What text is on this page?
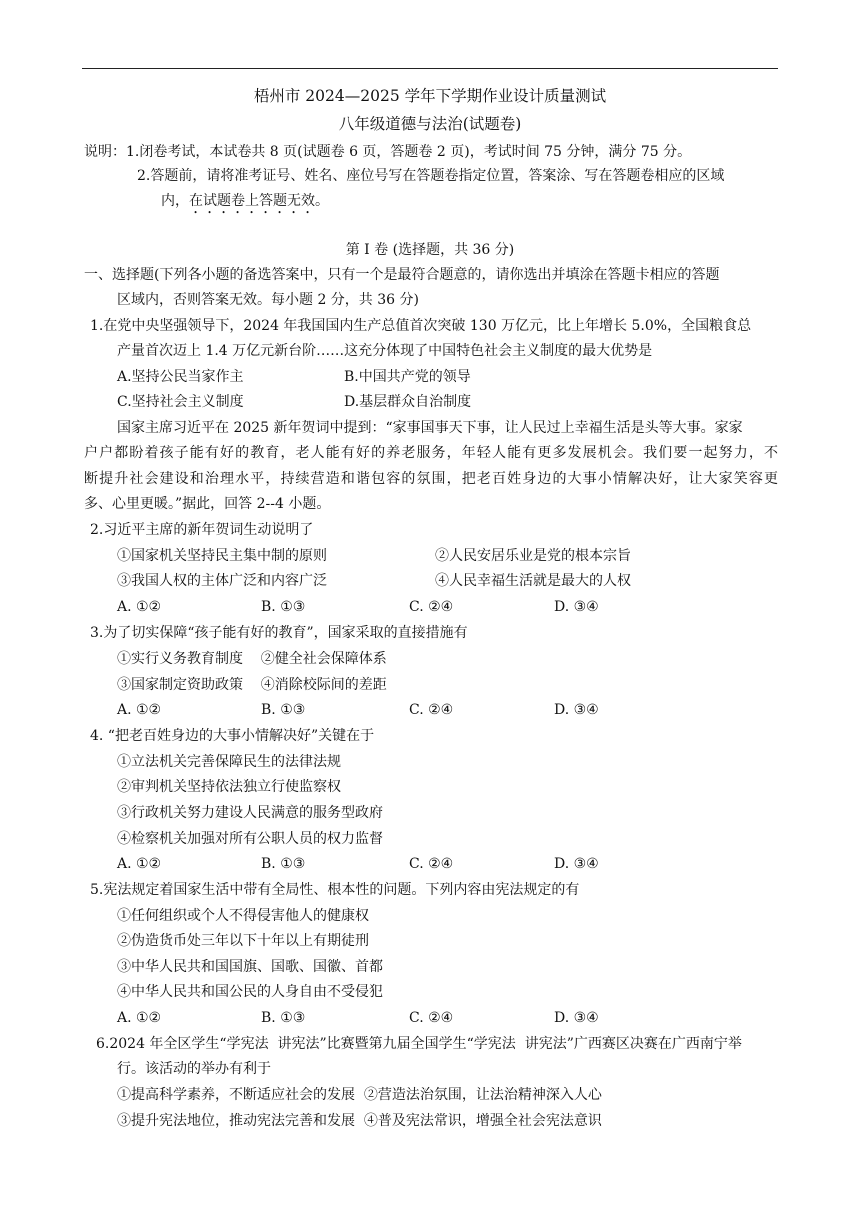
梧州市 2024—2025 学年下学期作业设计质量测试
八年级道德与法治(试题卷)
说明：1.闭卷考试，本试卷共 8 页(试题卷 6 页，答题卷 2 页)，考试时间 75 分钟，满分 75 分。
2.答题前，请将准考证号、姓名、座位号写在答题卷指定位置，答案涂、写在答题卷相应的区域
内，在试题卷上答题无效。
第 I 卷 (选择题，共 36 分)
一、选择题(下列各小题的备选答案中，只有一个是最符合题意的，请你选出并填涂在答题卡相应的答题
区域内，否则答案无效。每小题 2 分，共 36 分)
1.在党中央坚强领导下，2024 年我国国内生产总值首次突破 130 万亿元，比上年增长 5.0%，全国粮食总
产量首次迈上 1.4 万亿元新台阶……这充分体现了中国特色社会主义制度的最大优势是
A.坚持公民当家作主	B.中国共产党的领导
C.坚持社会主义制度	D.基层群众自治制度
国家主席习近平在 2025 新年贺词中提到：“家事国事天下事，让人民过上幸福生活是头等大事。家家
户户都盼着孩子能有好的教育，老人能有好的养老服务，年轻人能有更多发展机会。我们要一起努力，不
断提升社会建设和治理水平，持续营造和谐包容的氛围，把老百姓身边的大事小情解决好，让大家笑容更
多、心里更暖。”据此，回答 2--4 小题。
2.习近平主席的新年贺词生动说明了
①国家机关坚持民主集中制的原则	②人民安居乐业是党的根本宗旨
③我国人权的主体广泛和内容广泛	④人民幸福生活就是最大的人权
A. ①②	B. ①③	C. ②④	D. ③④
3.为了切实保障“孩子能有好的教育”，国家采取的直接措施有
①实行义务教育制度    ②健全社会保障体系
③国家制定资助政策    ④消除校际间的差距
A. ①②	B. ①③	C. ②④	D. ③④
4. “把老百姓身边的大事小情解决好”关键在于
①立法机关完善保障民生的法律法规
②审判机关坚持依法独立行使监察权
③行政机关努力建设人民满意的服务型政府
④检察机关加强对所有公职人员的权力监督
A. ①②	B. ①③	C. ②④	D. ③④
5.宪法规定着国家生活中带有全局性、根本性的问题。下列内容由宪法规定的有
①任何组织或个人不得侵害他人的健康权
②伪造货币处三年以下十年以上有期徒刑
③中华人民共和国国旗、国歌、国徽、首都
④中华人民共和国公民的人身自由不受侵犯
A. ①②	B. ①③	C. ②④	D. ③④
6.2024 年全区学生“学宪法  讲宪法”比赛暨第九届全国学生“学宪法  讲宪法”广西赛区决赛在广西南宁举
行。该活动的举办有利于
①提高科学素养，不断适应社会的发展  ②营造法治氛围，让法治精神深入人心
③提升宪法地位，推动宪法完善和发展  ④普及宪法常识，增强全社会宪法意识
